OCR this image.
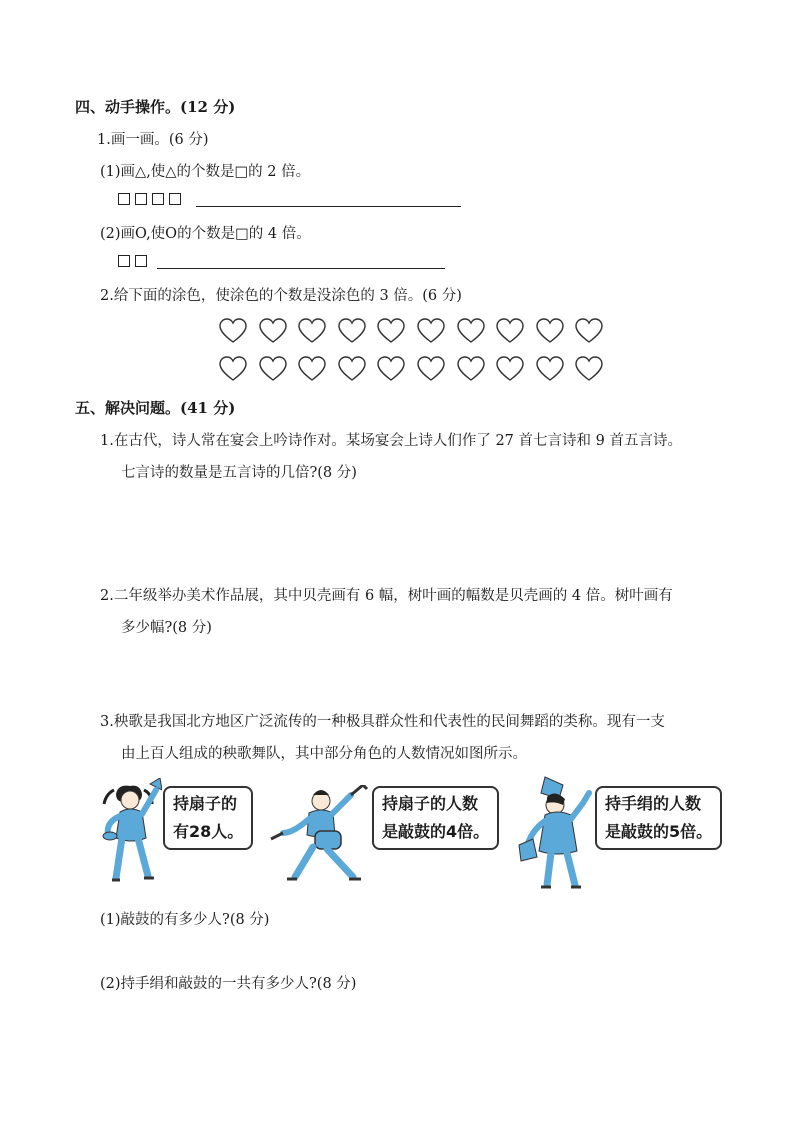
四、动手操作。(12 分)
1.画一画。(6 分)
(1)画△,使△的个数是□的 2 倍。
(2)画O,使O的个数是□的 4 倍。
2.给下面的涂色，使涂色的个数是没涂色的 3 倍。(6 分)
五、解决问题。(41 分)
1.在古代，诗人常在宴会上吟诗作对。某场宴会上诗人们作了 27 首七言诗和 9 首五言诗。
七言诗的数量是五言诗的几倍?(8 分)
2.二年级举办美术作品展，其中贝壳画有 6 幅，树叶画的幅数是贝壳画的 4 倍。树叶画有
多少幅?(8 分)
3.秧歌是我国北方地区广泛流传的一种极具群众性和代表性的民间舞蹈的类称。现有一支
由上百人组成的秧歌舞队，其中部分角色的人数情况如图所示。
持扇子的
有28人。
持扇子的人数
是敲鼓的4倍。
持手绢的人数
是敲鼓的5倍。
(1)敲鼓的有多少人?(8 分)
(2)持手绢和敲鼓的一共有多少人?(8 分)
